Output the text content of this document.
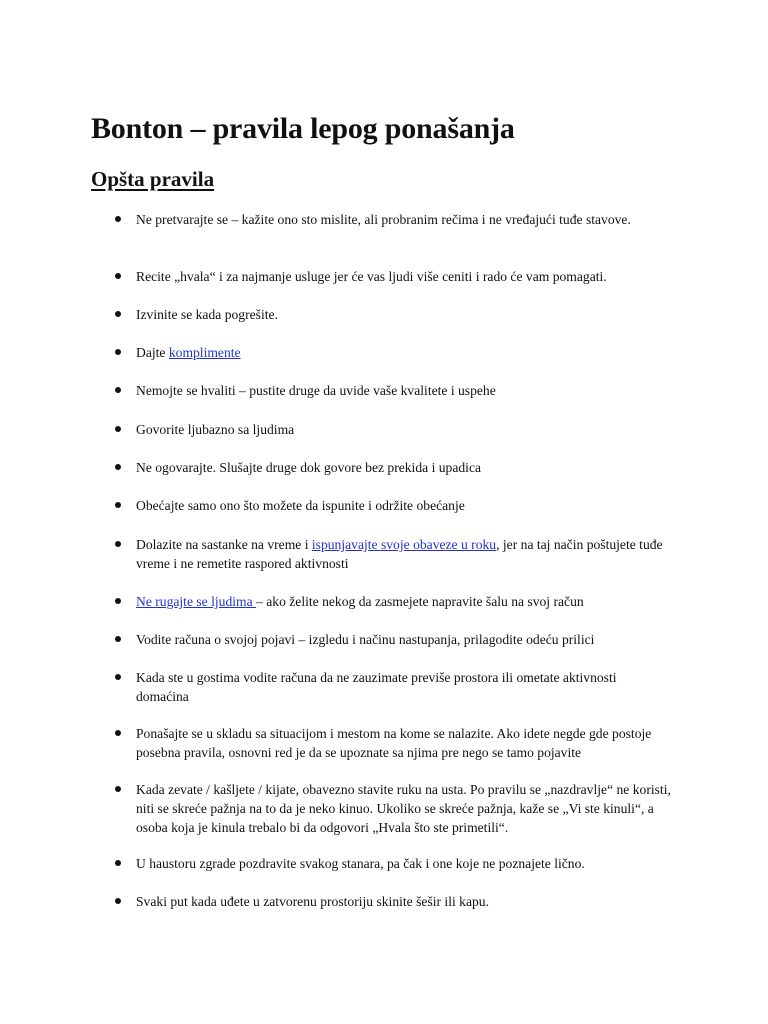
Bonton – pravila lepog ponašanja
Opšta pravila
Ne pretvarajte se – kažite ono sto mislite, ali probranim rečima i ne vređajući tuđe stavove.
Recite „hvala“ i za najmanje usluge jer će vas ljudi više ceniti i rado će vam pomagati.
Izvinite se kada pogrešite.
Dajte komplimente
Nemojte se hvaliti – pustite druge da uvide vaše kvalitete i uspehe
Govorite ljubazno sa ljudima
Ne ogovarajte. Slušajte druge dok govore bez prekida i upadica
Obećajte samo ono što možete da ispunite i održite obećanje
Dolazite na sastanke na vreme i ispunjavajte svoje obaveze u roku, jer na taj način poštujete tuđe vreme i ne remetite raspored aktivnosti
Ne rugajte se ljudima – ako želite nekog da zasmejete napravite šalu na svoj račun
Vodite računa o svojoj pojavi – izgledu i načinu nastupanja, prilagodite odeću prilici
Kada ste u gostima vodite računa da ne zauzimate previše prostora ili ometate aktivnosti domaćina
Ponašajte se u skladu sa situacijom i mestom na kome se nalazite. Ako idete negde gde postoje posebna pravila, osnovni red je da se upoznate sa njima pre nego se tamo pojavite
Kada zevate / kašljete / kijate, obavezno stavite ruku na usta. Po pravilu se „nazdravlje“ ne koristi, niti se skreće pažnja na to da je neko kinuo. Ukoliko se skreće pažnja, kaže se „Vi ste kinuli“, a osoba koja je kinula trebalo bi da odgovori „Hvala što ste primetili“.
U haustoru zgrade pozdravite svakog stanara, pa čak i one koje ne poznajete lično.
Svaki put kada uđete u zatvorenu prostoriju skinite šešir ili kapu.
